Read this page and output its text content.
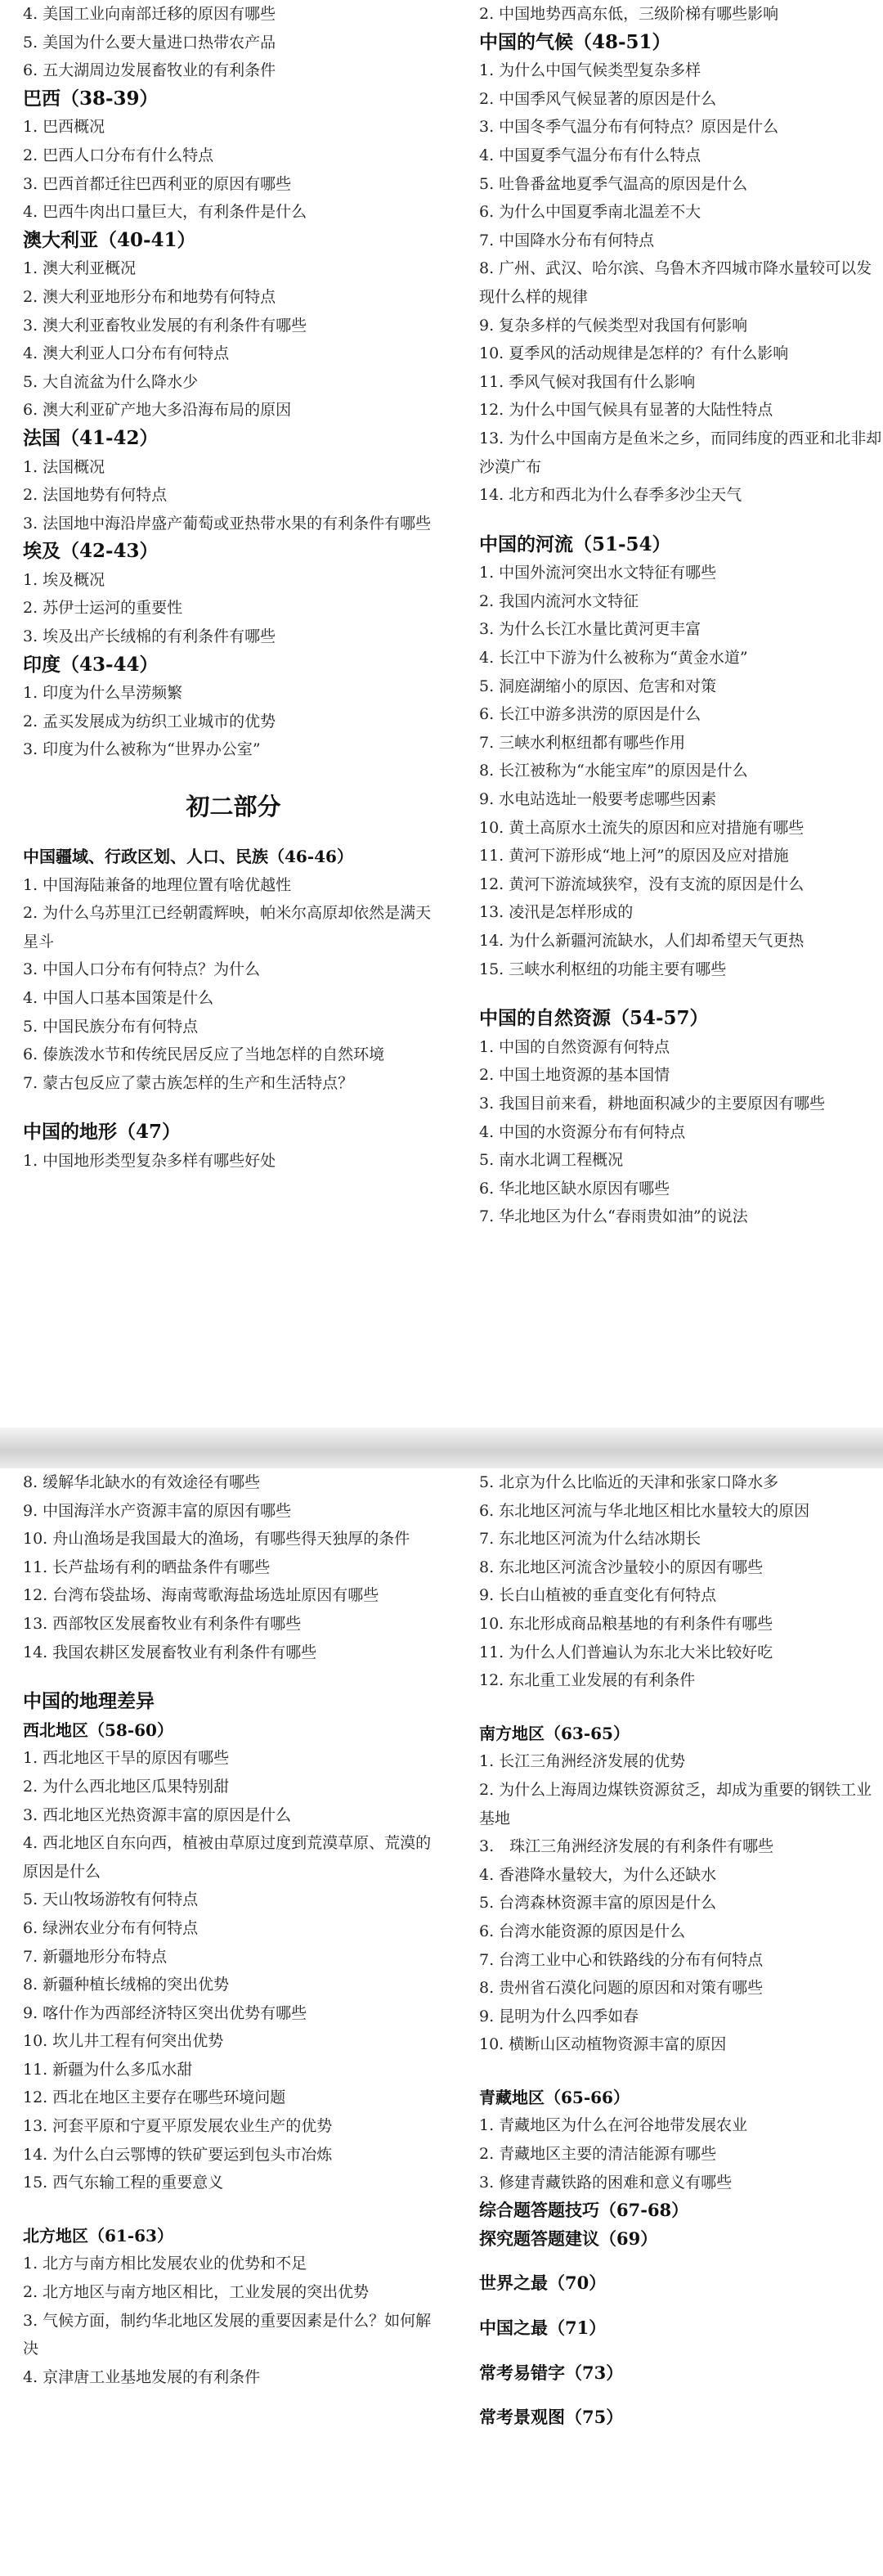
4. 美国工业向南部迁移的原因有哪些
5. 美国为什么要大量进口热带农产品
6. 五大湖周边发展畜牧业的有利条件
巴西（38-39）
1. 巴西概况
2. 巴西人口分布有什么特点
3. 巴西首都迁往巴西利亚的原因有哪些
4. 巴西牛肉出口量巨大，有利条件是什么
澳大利亚（40-41）
1. 澳大利亚概况
2. 澳大利亚地形分布和地势有何特点
3. 澳大利亚畜牧业发展的有利条件有哪些
4. 澳大利亚人口分布有何特点
5. 大自流盆为什么降水少
6. 澳大利亚矿产地大多沿海布局的原因
法国（41-42）
1. 法国概况
2. 法国地势有何特点
3. 法国地中海沿岸盛产葡萄或亚热带水果的有利条件有哪些
埃及（42-43）
1. 埃及概况
2. 苏伊士运河的重要性
3. 埃及出产长绒棉的有利条件有哪些
印度（43-44）
1. 印度为什么旱涝频繁
2. 孟买发展成为纺织工业城市的优势
3. 印度为什么被称为“世界办公室”
初二部分
中国疆域、行政区划、人口、民族（46-46）
1. 中国海陆兼备的地理位置有啥优越性
2. 为什么乌苏里江已经朝霞辉映，帕米尔高原却依然是满天星斗
3. 中国人口分布有何特点？为什么
4. 中国人口基本国策是什么
5. 中国民族分布有何特点
6. 傣族泼水节和传统民居反应了当地怎样的自然环境
7. 蒙古包反应了蒙古族怎样的生产和生活特点？
中国的地形（47）
1. 中国地形类型复杂多样有哪些好处
2. 中国地势西高东低，三级阶梯有哪些影响
中国的气候（48-51）
1. 为什么中国气候类型复杂多样
2. 中国季风气候显著的原因是什么
3. 中国冬季气温分布有何特点？原因是什么
4. 中国夏季气温分布有什么特点
5. 吐鲁番盆地夏季气温高的原因是什么
6. 为什么中国夏季南北温差不大
7. 中国降水分布有何特点
8. 广州、武汉、哈尔滨、乌鲁木齐四城市降水量较可以发现什么样的规律
9. 复杂多样的气候类型对我国有何影响
10. 夏季风的活动规律是怎样的？有什么影响
11. 季风气候对我国有什么影响
12. 为什么中国气候具有显著的大陆性特点
13. 为什么中国南方是鱼米之乡，而同纬度的西亚和北非却沙漠广布
14. 北方和西北为什么春季多沙尘天气
中国的河流（51-54）
1. 中国外流河突出水文特征有哪些
2. 我国内流河水文特征
3. 为什么长江水量比黄河更丰富
4. 长江中下游为什么被称为“黄金水道”
5. 洞庭湖缩小的原因、危害和对策
6. 长江中游多洪涝的原因是什么
7. 三峡水利枢纽都有哪些作用
8. 长江被称为“水能宝库”的原因是什么
9. 水电站选址一般要考虑哪些因素
10. 黄土高原水土流失的原因和应对措施有哪些
11. 黄河下游形成“地上河”的原因及应对措施
12. 黄河下游流域狭窄，没有支流的原因是什么
13. 凌汛是怎样形成的
14. 为什么新疆河流缺水，人们却希望天气更热
15. 三峡水利枢纽的功能主要有哪些
中国的自然资源（54-57）
1. 中国的自然资源有何特点
2. 中国土地资源的基本国情
3. 我国目前来看，耕地面积减少的主要原因有哪些
4. 中国的水资源分布有何特点
5. 南水北调工程概况
6. 华北地区缺水原因有哪些
7. 华北地区为什么“春雨贵如油”的说法
8. 缓解华北缺水的有效途径有哪些
9. 中国海洋水产资源丰富的原因有哪些
10. 舟山渔场是我国最大的渔场，有哪些得天独厚的条件
11. 长芦盐场有利的晒盐条件有哪些
12. 台湾布袋盐场、海南莺歌海盐场选址原因有哪些
13. 西部牧区发展畜牧业有利条件有哪些
14. 我国农耕区发展畜牧业有利条件有哪些
中国的地理差异
西北地区（58-60）
1. 西北地区干旱的原因有哪些
2. 为什么西北地区瓜果特别甜
3. 西北地区光热资源丰富的原因是什么
4. 西北地区自东向西，植被由草原过度到荒漠草原、荒漠的原因是什么
5. 天山牧场游牧有何特点
6. 绿洲农业分布有何特点
7. 新疆地形分布特点
8. 新疆种植长绒棉的突出优势
9. 喀什作为西部经济特区突出优势有哪些
10. 坎儿井工程有何突出优势
11. 新疆为什么多瓜水甜
12. 西北在地区主要存在哪些环境问题
13. 河套平原和宁夏平原发展农业生产的优势
14. 为什么白云鄂博的铁矿要运到包头市冶炼
15. 西气东输工程的重要意义
北方地区（61-63）
1. 北方与南方相比发展农业的优势和不足
2. 北方地区与南方地区相比，工业发展的突出优势
3. 气候方面，制约华北地区发展的重要因素是什么？如何解决
4. 京津唐工业基地发展的有利条件
5. 北京为什么比临近的天津和张家口降水多
6. 东北地区河流与华北地区相比水量较大的原因
7. 东北地区河流为什么结冰期长
8. 东北地区河流含沙量较小的原因有哪些
9. 长白山植被的垂直变化有何特点
10. 东北形成商品粮基地的有利条件有哪些
11. 为什么人们普遍认为东北大米比较好吃
12. 东北重工业发展的有利条件
南方地区（63-65）
1. 长江三角洲经济发展的优势
2. 为什么上海周边煤铁资源贫乏，却成为重要的钢铁工业基地
3.　珠江三角洲经济发展的有利条件有哪些
4. 香港降水量较大，为什么还缺水
5. 台湾森林资源丰富的原因是什么
6. 台湾水能资源的原因是什么
7. 台湾工业中心和铁路线的分布有何特点
8. 贵州省石漠化问题的原因和对策有哪些
9. 昆明为什么四季如春
10. 横断山区动植物资源丰富的原因
青藏地区（65-66）
1. 青藏地区为什么在河谷地带发展农业
2. 青藏地区主要的清洁能源有哪些
3. 修建青藏铁路的困难和意义有哪些
综合题答题技巧（67-68）
探究题答题建议（69）
世界之最（70）
中国之最（71）
常考易错字（73）
常考景观图（75）
